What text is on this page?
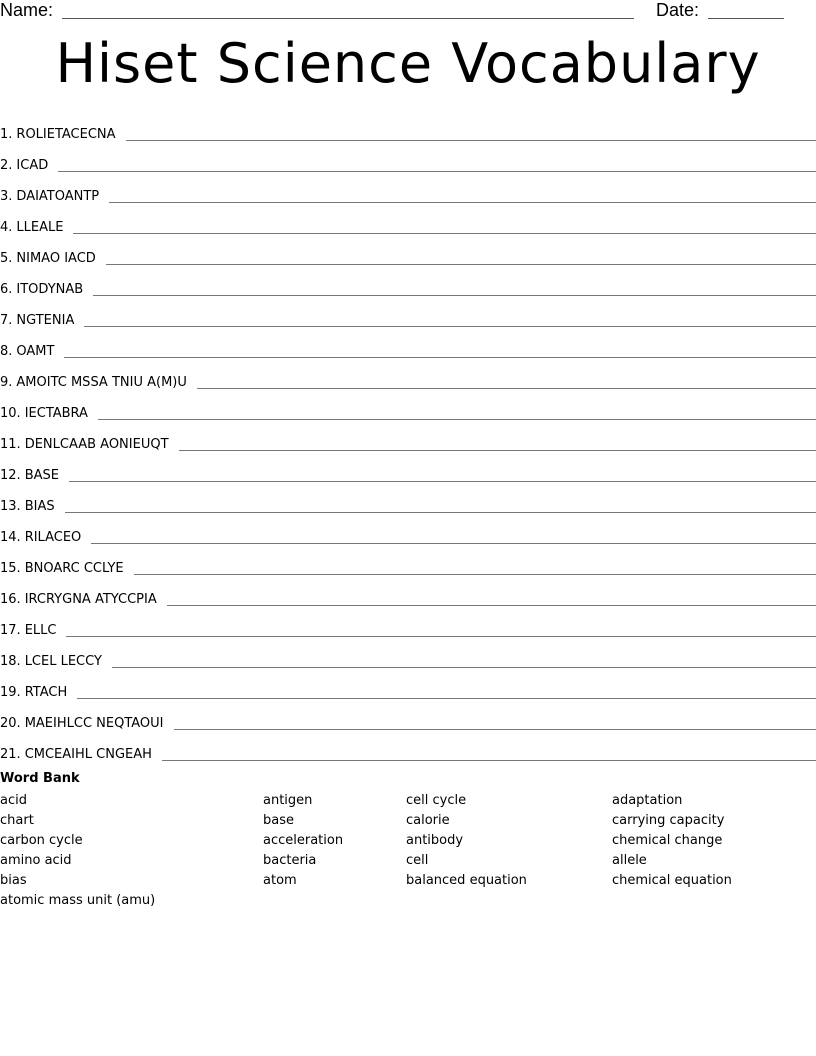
Name:	Date:
Hiset Science Vocabulary
1. ROLIETACECNA
2. ICAD
3. DAIATOANTP
4. LLEALE
5. NIMAO IACD
6. ITODYNAB
7. NGTENIA
8. OAMT
9. AMOITC MSSA TNIU A(M)U
10. IECTABRA
11. DENLCAAB AONIEUQT
12. BASE
13. BIAS
14. RILACEO
15. BNOARC CCLYE
16. IRCRYGNA ATYCCPIA
17. ELLC
18. LCEL LECCY
19. RTACH
20. MAEIHLCC NEQTAOUI
21. CMCEAIHL CNGEAH
Word Bank
acid
chart
carbon cycle
amino acid
bias
atomic mass unit (amu)
antigen
base
acceleration
bacteria
atom
cell cycle
calorie
antibody
cell
balanced equation
adaptation
carrying capacity
chemical change
allele
chemical equation
